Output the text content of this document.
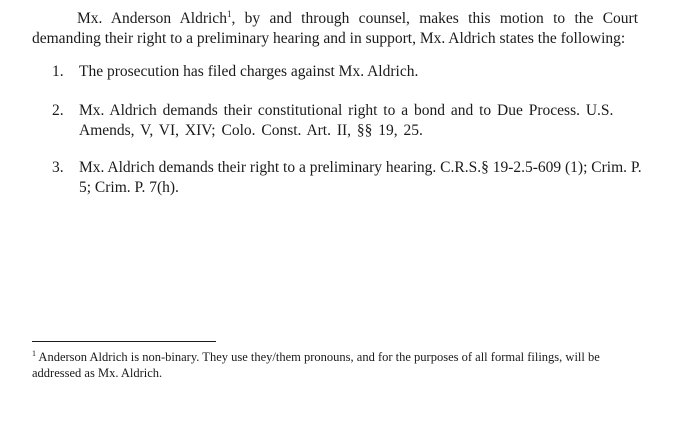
Mx. Anderson Aldrich$^1$, by and through counsel, makes this motion to the Court demanding their right to a preliminary hearing and in support, Mx. Aldrich states the following:

1. The prosecution has filed charges against Mx. Aldrich.
2. Mx. Aldrich demands their constitutional right to a bond and to Due Process. U.S. Amends, V, VI, XIV; Colo. Const. Art. II, §§ 19, 25.
3. Mx. Aldrich demands their right to a preliminary hearing. C.R.S.§ 19-2.5-609 (1); Crim. P. 5; Crim. P. 7(h).

$^1$ Anderson Aldrich is non-binary. They use they/them pronouns, and for the purposes of all formal filings, will be addressed as Mx. Aldrich.
